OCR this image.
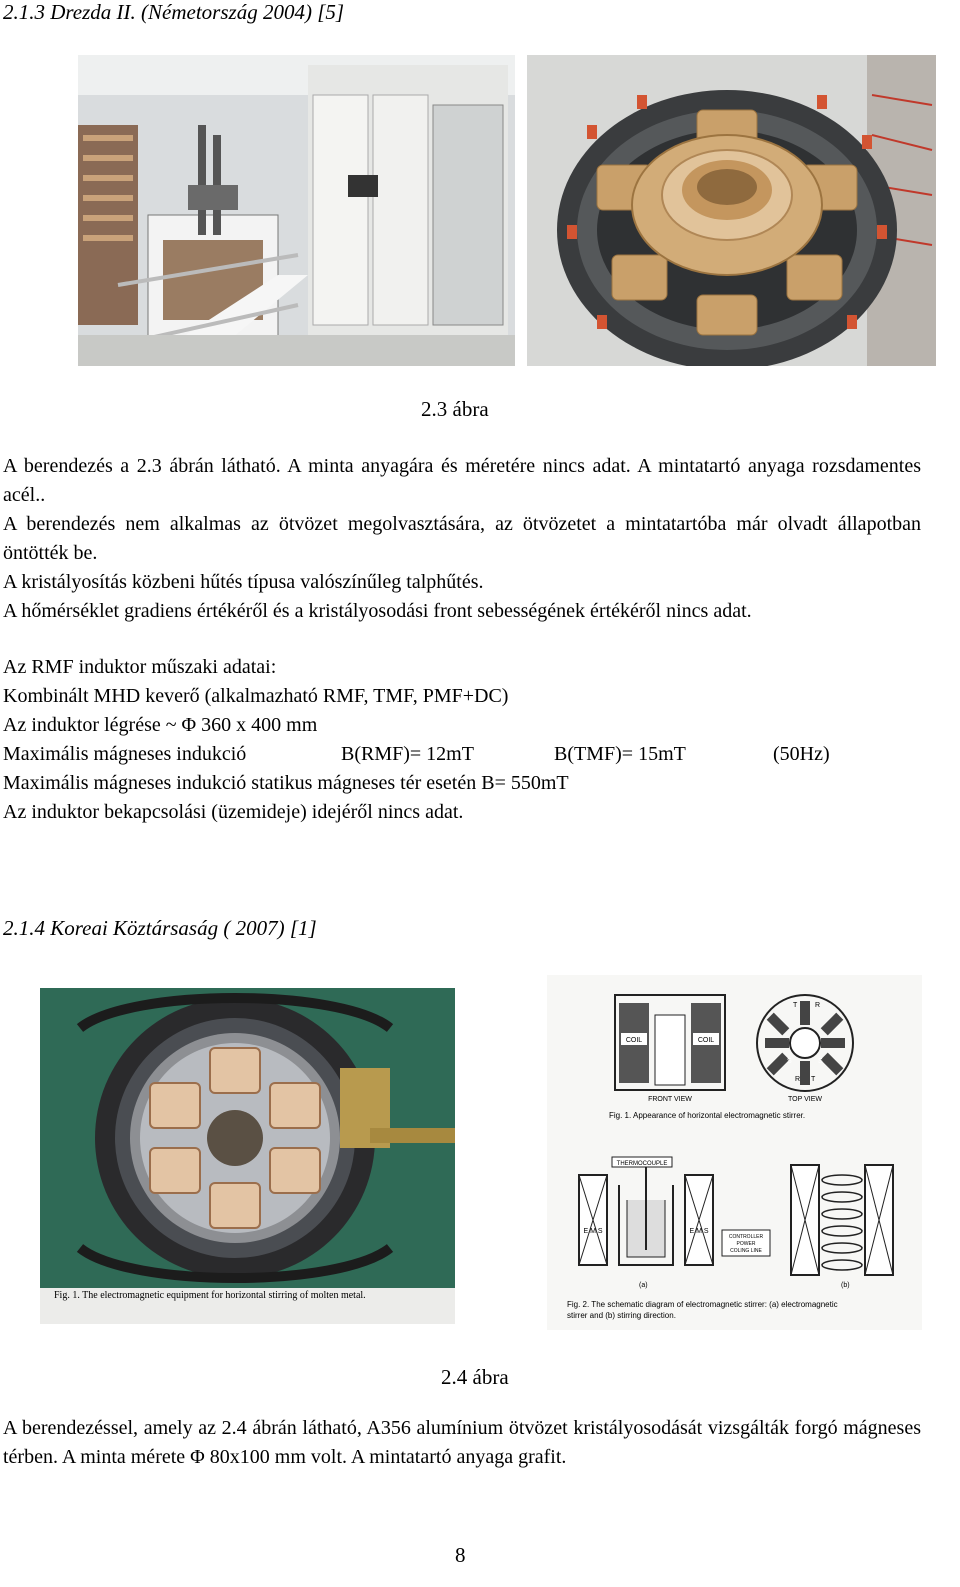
2.1.3 Drezda II. (Németország 2004) [5]
2.3 ábra
A berendezés a 2.3 ábrán látható. A minta anyagára és méretére nincs adat. A mintatartó anyaga rozsdamentes acél..
A berendezés nem alkalmas az ötvözet megolvasztására, az ötvözetet a mintatartóba már olvadt állapotban öntötték be.
A kristályosítás közbeni hűtés típusa valószínűleg talphűtés.
A hőmérséklet gradiens értékéről és a kristályosodási front sebességének értékéről nincs adat.
Az RMF induktor műszaki adatai:
Kombinált MHD keverő (alkalmazható RMF, TMF, PMF+DC)
Az induktor légrése ~ Φ 360 x 400 mm
Maximális mágneses indukció	B(RMF)= 12mT	B(TMF)= 15mT	(50Hz)
Maximális mágneses indukció statikus mágneses tér esetén B= 550mT
Az induktor bekapcsolási (üzemideje) idejéről nincs adat.
2.1.4 Koreai Köztársaság ( 2007) [1]
Fig. 1. The electromagnetic equipment for horizontal stirring of molten metal.
COIL	COIL
FRONT VIEW
T	R
S	S
R T
TOP VIEW
Fig. 1. Appearance of horizontal electromagnetic stirrer.
THERMOCOUPLE
E.M.S	E.M.S
CONTROLLER
POWER
COLING LINE
(a)	(b)
Fig. 2. The schematic diagram of electromagnetic stirrer: (a) electromagnetic
stirrer and (b) stirring direction.
2.4 ábra
A berendezéssel, amely az 2.4 ábrán látható, A356 alumínium ötvözet kristályosodását vizsgálták forgó mágneses térben. A minta mérete Φ 80x100 mm volt. A mintatartó anyaga grafit.
8
